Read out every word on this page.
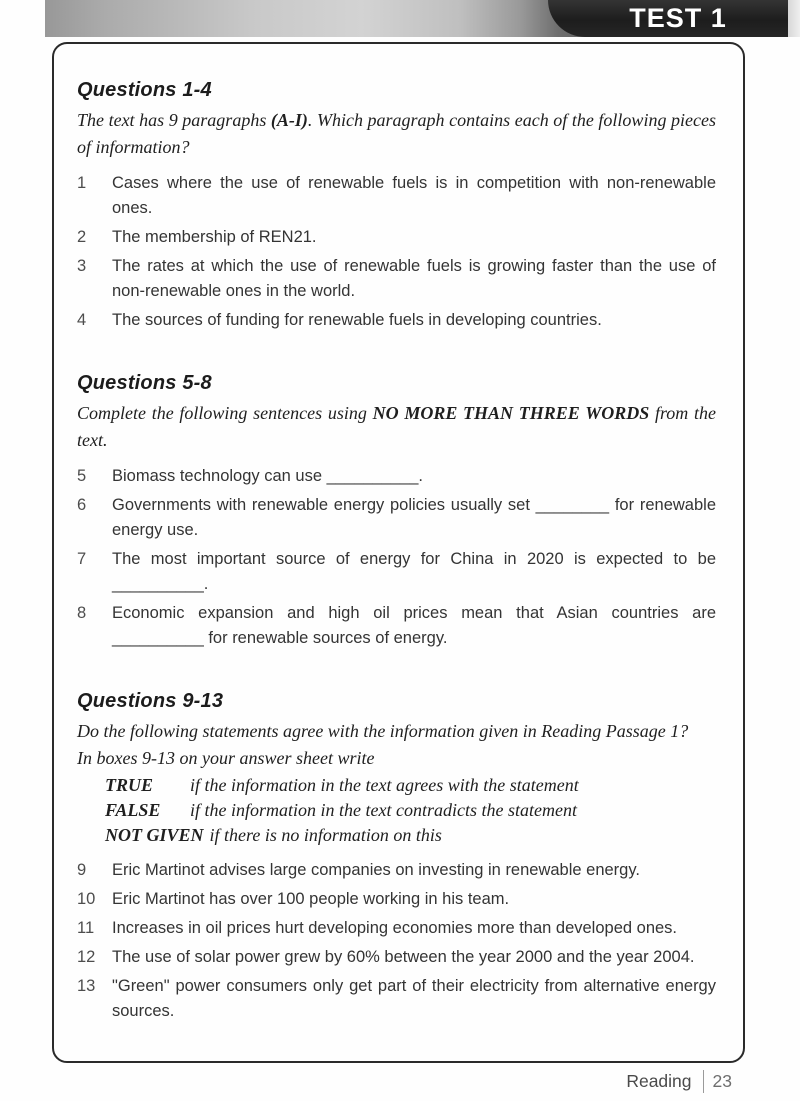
TEST 1
Questions 1-4

The text has 9 paragraphs (A-I). Which paragraph contains each of the following pieces of information?

1	Cases where the use of renewable fuels is in competition with non-renewable ones.
2	The membership of REN21.
3	The rates at which the use of renewable fuels is growing faster than the use of non-renewable ones in the world.
4	The sources of funding for renewable fuels in developing countries.
Questions 5-8

Complete the following sentences using NO MORE THAN THREE WORDS from the text.

5	Biomass technology can use __________.
6	Governments with renewable energy policies usually set ________ for renewable energy use.
7	The most important source of energy for China in 2020 is expected to be __________.
8	Economic expansion and high oil prices mean that Asian countries are __________ for renewable sources of energy.
Questions 9-13

Do the following statements agree with the information given in Reading Passage 1?

In boxes 9-13 on your answer sheet write

TRUE	if the information in the text agrees with the statement
FALSE	if the information in the text contradicts the statement
NOT GIVEN if there is no information on this
9	Eric Martinot advises large companies on investing in renewable energy.
10	Eric Martinot has over 100 people working in his team.
11	Increases in oil prices hurt developing economies more than developed ones.
12	The use of solar power grew by 60% between the year 2000 and the year 2004.
13	"Green" power consumers only get part of their electricity from alternative energy sources.
Reading 23
